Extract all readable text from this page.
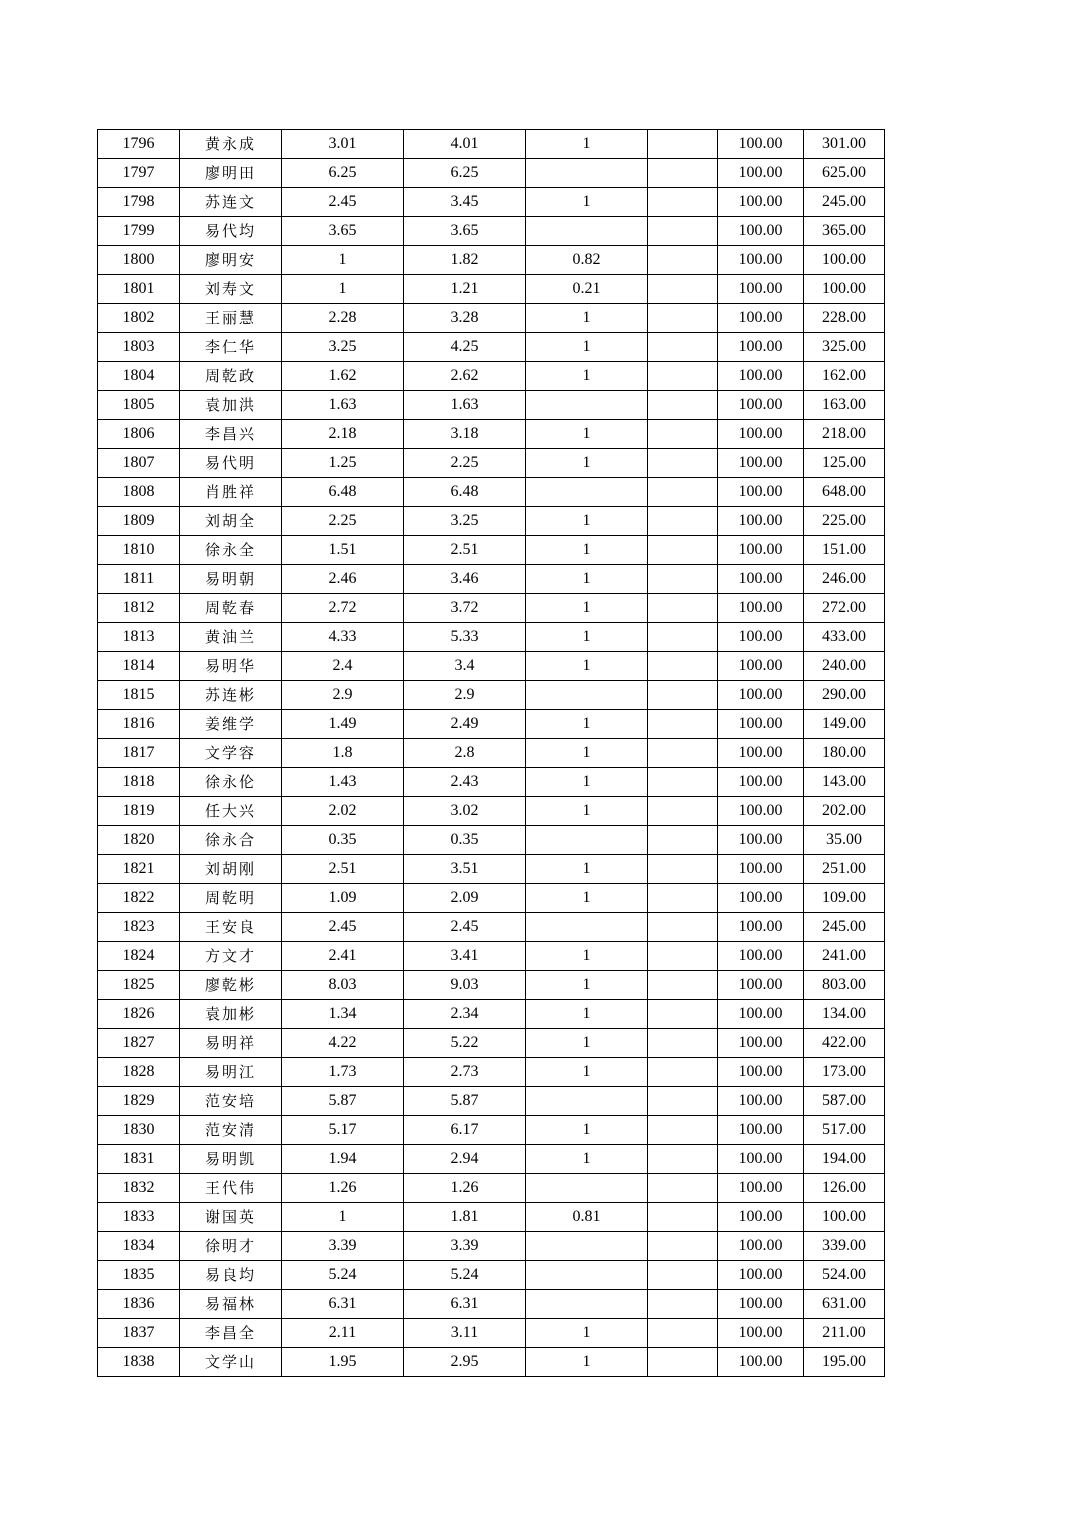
1796	黄永成	3.01	4.01	1		100.00	301.00
1797	廖明田	6.25	6.25			100.00	625.00
1798	苏连文	2.45	3.45	1		100.00	245.00
1799	易代均	3.65	3.65			100.00	365.00
1800	廖明安	1	1.82	0.82		100.00	100.00
1801	刘寿文	1	1.21	0.21		100.00	100.00
1802	王丽慧	2.28	3.28	1		100.00	228.00
1803	李仁华	3.25	4.25	1		100.00	325.00
1804	周乾政	1.62	2.62	1		100.00	162.00
1805	袁加洪	1.63	1.63			100.00	163.00
1806	李昌兴	2.18	3.18	1		100.00	218.00
1807	易代明	1.25	2.25	1		100.00	125.00
1808	肖胜祥	6.48	6.48			100.00	648.00
1809	刘胡全	2.25	3.25	1		100.00	225.00
1810	徐永全	1.51	2.51	1		100.00	151.00
1811	易明朝	2.46	3.46	1		100.00	246.00
1812	周乾春	2.72	3.72	1		100.00	272.00
1813	黄油兰	4.33	5.33	1		100.00	433.00
1814	易明华	2.4	3.4	1		100.00	240.00
1815	苏连彬	2.9	2.9			100.00	290.00
1816	姜维学	1.49	2.49	1		100.00	149.00
1817	文学容	1.8	2.8	1		100.00	180.00
1818	徐永伦	1.43	2.43	1		100.00	143.00
1819	任大兴	2.02	3.02	1		100.00	202.00
1820	徐永合	0.35	0.35			100.00	35.00
1821	刘胡刚	2.51	3.51	1		100.00	251.00
1822	周乾明	1.09	2.09	1		100.00	109.00
1823	王安良	2.45	2.45			100.00	245.00
1824	方文才	2.41	3.41	1		100.00	241.00
1825	廖乾彬	8.03	9.03	1		100.00	803.00
1826	袁加彬	1.34	2.34	1		100.00	134.00
1827	易明祥	4.22	5.22	1		100.00	422.00
1828	易明江	1.73	2.73	1		100.00	173.00
1829	范安培	5.87	5.87			100.00	587.00
1830	范安清	5.17	6.17	1		100.00	517.00
1831	易明凯	1.94	2.94	1		100.00	194.00
1832	王代伟	1.26	1.26			100.00	126.00
1833	谢国英	1	1.81	0.81		100.00	100.00
1834	徐明才	3.39	3.39			100.00	339.00
1835	易良均	5.24	5.24			100.00	524.00
1836	易福林	6.31	6.31			100.00	631.00
1837	李昌全	2.11	3.11	1		100.00	211.00
1838	文学山	1.95	2.95	1		100.00	195.00
